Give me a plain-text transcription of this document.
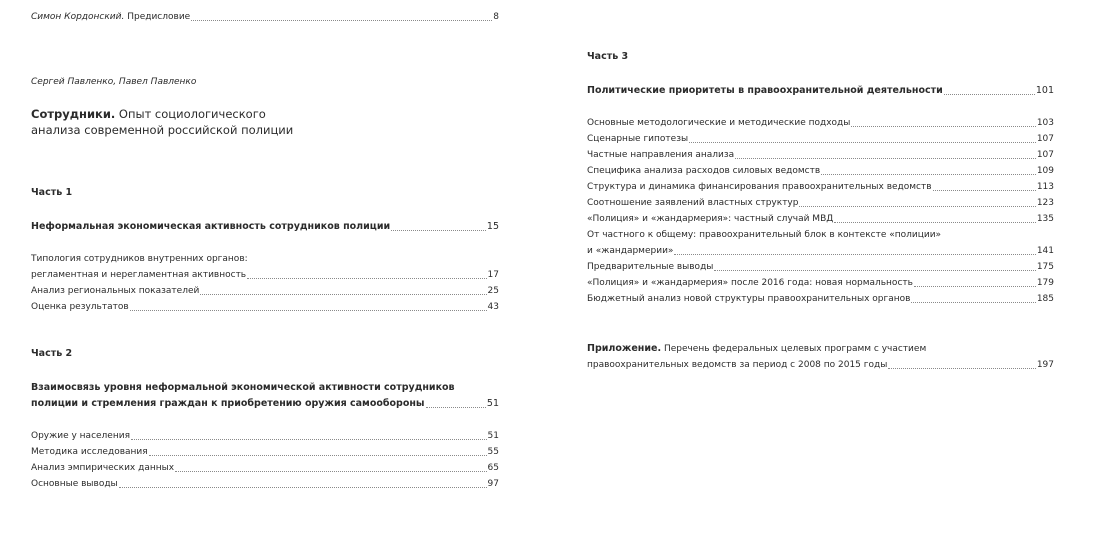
Симон Кордонский. Предисловие	8
Сергей Павленко, Павел Павленко
Сотрудники. Опыт социологического
анализа современной российской полиции
Часть 1
Неформальная экономическая активность сотрудников полиции	15
Типология сотрудников внутренних органов:
регламентная и нерегламентная активность	17
Анализ региональных показателей	25
Оценка результатов	43
Часть 2
Взаимосвязь уровня неформальной экономической активности сотрудников
полиции и стремления граждан к приобретению оружия самообороны	51
Оружие у населения	51
Методика исследования	55
Анализ эмпирических данных	65
Основные выводы	97
Часть 3
Политические приоритеты в правоохранительной деятельности	101
Основные методологические и методические подходы	103
Сценарные гипотезы	107
Частные направления анализа	107
Специфика анализа расходов силовых ведомств	109
Структура и динамика финансирования правоохранительных ведомств	113
Соотношение заявлений властных структур	123
«Полиция» и «жандармерия»: частный случай МВД	135
От частного к общему: правоохранительный блок в контексте «полиции»
и «жандармерии»	141
Предварительные выводы	175
«Полиция» и «жандармерия» после 2016 года: новая нормальность	179
Бюджетный анализ новой структуры правоохранительных органов	185
Приложение. Перечень федеральных целевых программ с участием
правоохранительных ведомств за период с 2008 по 2015 годы	197
